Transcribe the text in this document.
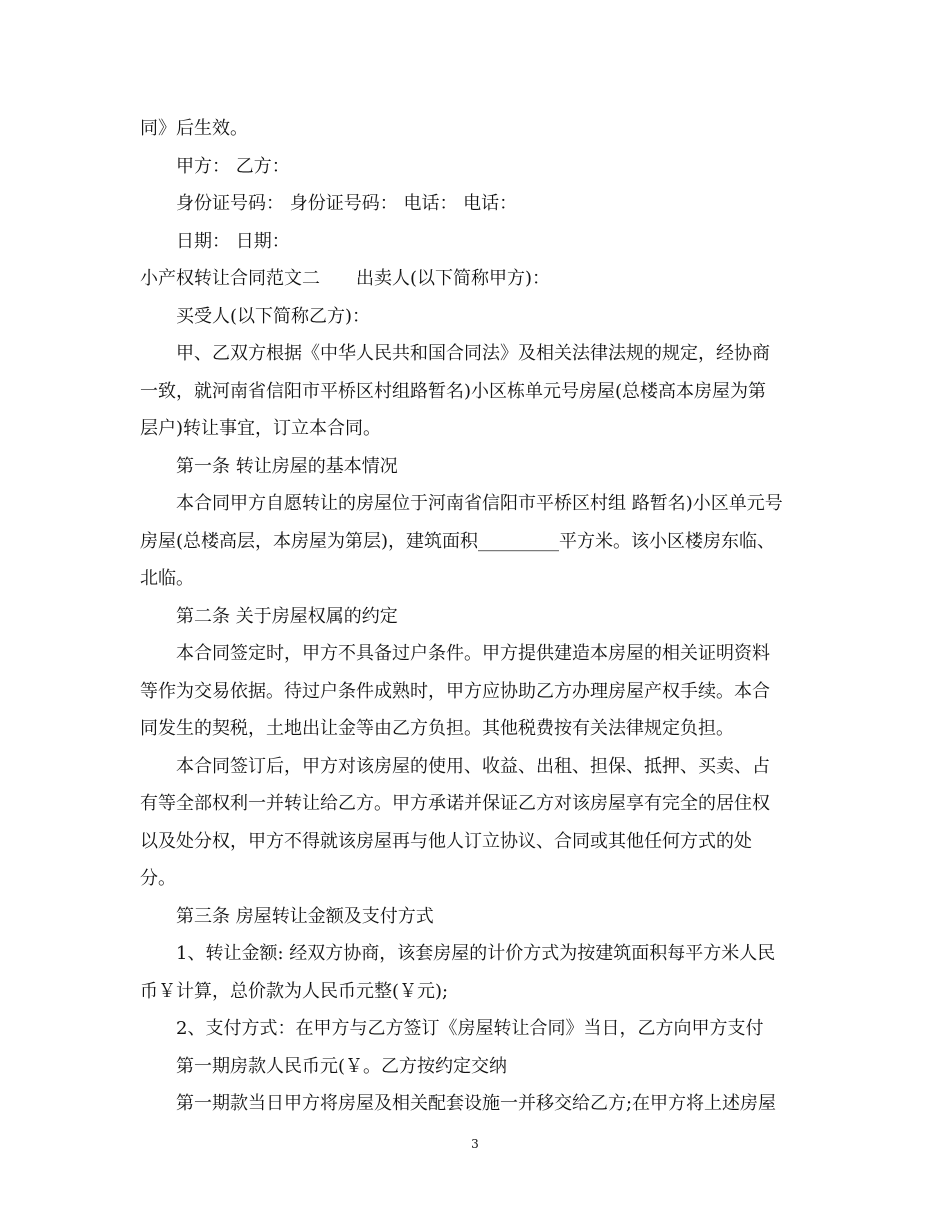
同》后生效。
甲方： 乙方：
身份证号码： 身份证号码： 电话： 电话：
日期： 日期：
小产权转让合同范文二　　出卖人(以下简称甲方)：
买受人(以下简称乙方)：
甲、乙双方根据《中华人民共和国合同法》及相关法律法规的规定，经协商
一致，就河南省信阳市平桥区村组路暂名)小区栋单元号房屋(总楼高本房屋为第
层户)转让事宜，订立本合同。
第一条 转让房屋的基本情况
本合同甲方自愿转让的房屋位于河南省信阳市平桥区村组 路暂名)小区单元号
房屋(总楼高层，本房屋为第层)，建筑面积_________平方米。该小区楼房东临、
北临。
第二条 关于房屋权属的约定
本合同签定时，甲方不具备过户条件。甲方提供建造本房屋的相关证明资料
等作为交易依据。待过户条件成熟时，甲方应协助乙方办理房屋产权手续。本合
同发生的契税，土地出让金等由乙方负担。其他税费按有关法律规定负担。
本合同签订后，甲方对该房屋的使用、收益、出租、担保、抵押、买卖、占
有等全部权利一并转让给乙方。甲方承诺并保证乙方对该房屋享有完全的居住权
以及处分权，甲方不得就该房屋再与他人订立协议、合同或其他任何方式的处
分。
第三条 房屋转让金额及支付方式
1、转让金额: 经双方协商，该套房屋的计价方式为按建筑面积每平方米人民
币￥计算，总价款为人民币元整(￥元);
2、支付方式：在甲方与乙方签订《房屋转让合同》当日，乙方向甲方支付
第一期房款人民币元(￥。乙方按约定交纳
第一期款当日甲方将房屋及相关配套设施一并移交给乙方;在甲方将上述房屋
3
